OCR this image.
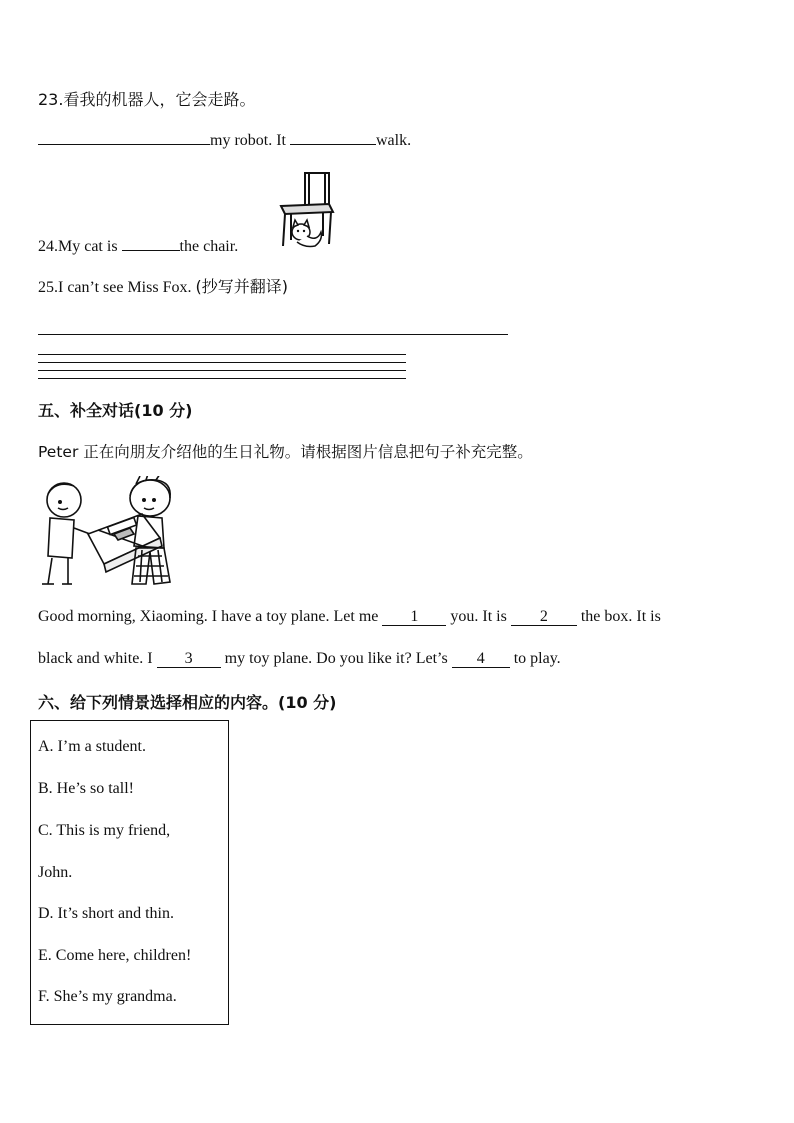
23.看我的机器人，它会走路。
my robot. It	walk.
24.My cat is	the chair.
25.I can’t see Miss Fox. (抄写并翻译)
五、补全对话(10 分)
Peter 正在向朋友介绍他的生日礼物。请根据图片信息把句子补充完整。
Good morning, Xiaoming. I have a toy plane. Let me 1 you. It is 2 the box. It is
black and white. I 3 my toy plane. Do you like it? Let’s 4 to play.
六、给下列情景选择相应的内容。(10 分)
A. I’m a student.
B. He’s so tall!
C. This is my friend,
John.
D. It’s short and thin.
E. Come here, children!
F. She’s my grandma.
